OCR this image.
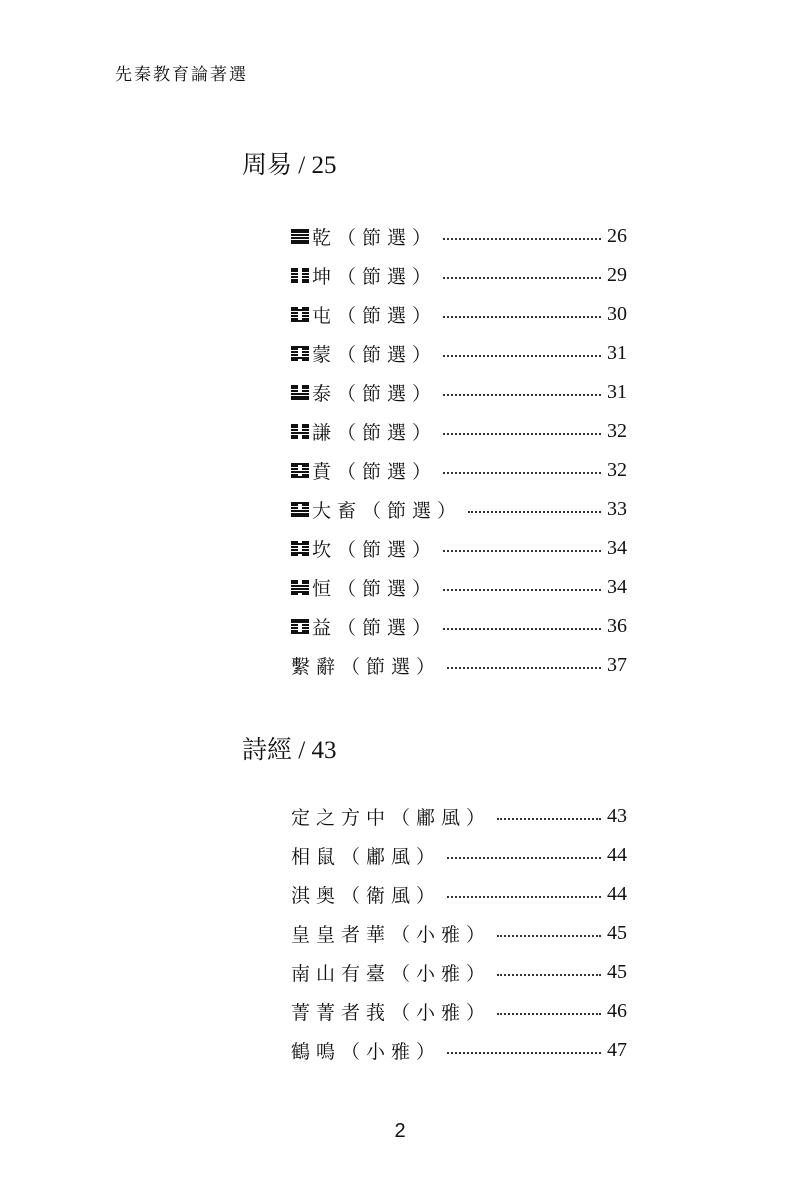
先秦教育論著選
周易 / 25
乾（節選）	26
坤（節選）	29
屯（節選）	30
蒙（節選）	31
泰（節選）	31
謙（節選）	32
賁（節選）	32
大畜（節選）	33
坎（節選）	34
恒（節選）	34
益（節選）	36
繫辭（節選）	37
詩經 / 43
定之方中（鄘風）	43
相鼠（鄘風）	44
淇奥（衛風）	44
皇皇者華（小雅）	45
南山有臺（小雅）	45
菁菁者莪（小雅）	46
鶴鳴（小雅）	47
2
